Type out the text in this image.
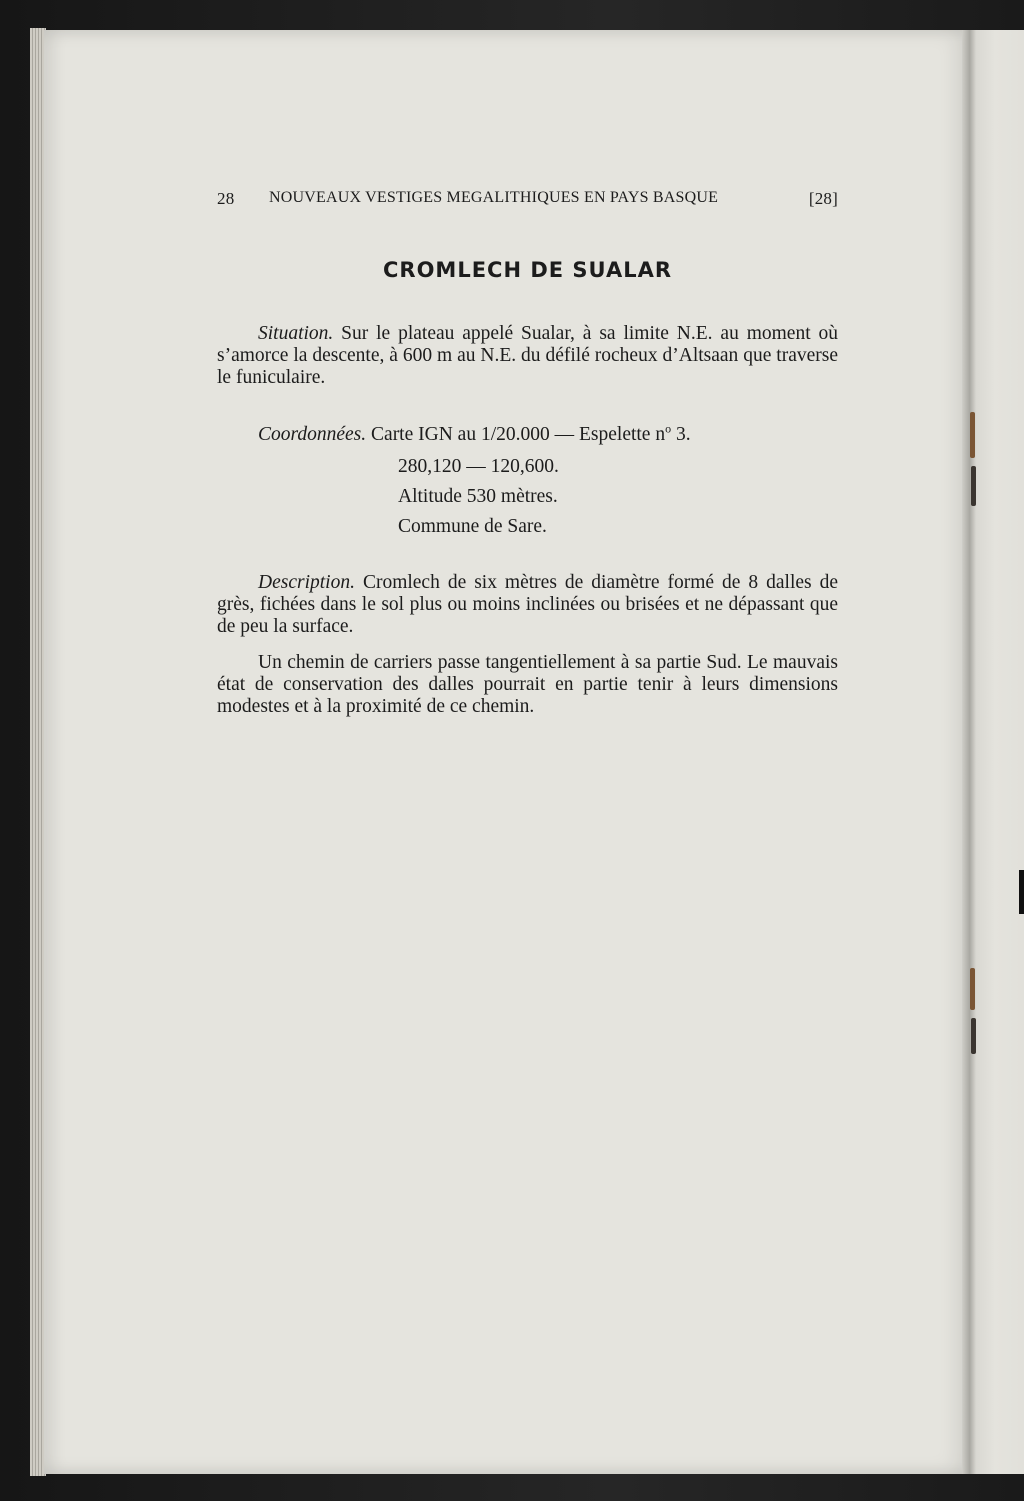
28 NOUVEAUX VESTIGES MEGALITHIQUES EN PAYS BASQUE	[28]
CROMLECH DE SUALAR
Situation. Sur le plateau appelé Sualar, à sa limite N.E. au moment où s’amorce la descente, à 600 m au N.E. du défilé rocheux d’Altsaan que traverse le funiculaire.
Coordonnées. Carte IGN au 1/20.000 — Espelette $n^o$ 3.
280,120 — 120,600.
Altitude 530 mètres.
Commune de Sare.
Description. Cromlech de six mètres de diamètre formé de 8 dalles de grès, fichées dans le sol plus ou moins inclinées ou brisées et ne dépassant que de peu la surface.
Un chemin de carriers passe tangentiellement à sa partie Sud. Le mauvais état de conservation des dalles pourrait en partie tenir à leurs dimensions modestes et à la proximité de ce chemin.
